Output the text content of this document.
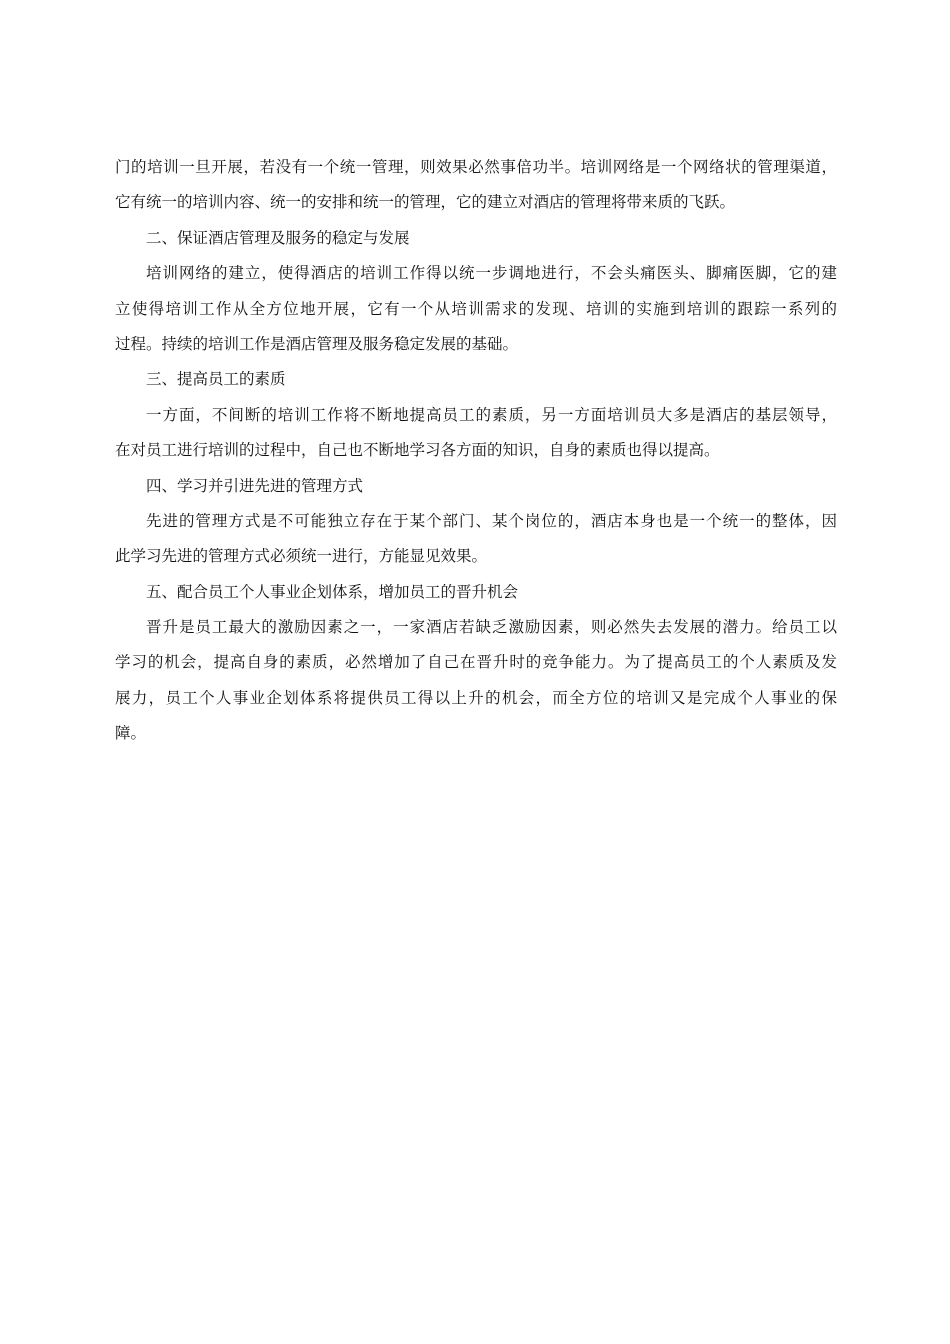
门的培训一旦开展，若没有一个统一管理，则效果必然事倍功半。培训网络是一个网络状的管理渠道，
它有统一的培训内容、统一的安排和统一的管理，它的建立对酒店的管理将带来质的飞跃。
二、保证酒店管理及服务的稳定与发展
培训网络的建立，使得酒店的培训工作得以统一步调地进行，不会头痛医头、脚痛医脚，它的建
立使得培训工作从全方位地开展，它有一个从培训需求的发现、培训的实施到培训的跟踪一系列的
过程。持续的培训工作是酒店管理及服务稳定发展的基础。
三、提高员工的素质
一方面，不间断的培训工作将不断地提高员工的素质，另一方面培训员大多是酒店的基层领导，
在对员工进行培训的过程中，自己也不断地学习各方面的知识，自身的素质也得以提高。
四、学习并引进先进的管理方式
先进的管理方式是不可能独立存在于某个部门、某个岗位的，酒店本身也是一个统一的整体，因
此学习先进的管理方式必须统一进行，方能显见效果。
五、配合员工个人事业企划体系，增加员工的晋升机会
晋升是员工最大的激励因素之一，一家酒店若缺乏激励因素，则必然失去发展的潜力。给员工以
学习的机会，提高自身的素质，必然增加了自己在晋升时的竞争能力。为了提高员工的个人素质及发
展力，员工个人事业企划体系将提供员工得以上升的机会，而全方位的培训又是完成个人事业的保
障。
